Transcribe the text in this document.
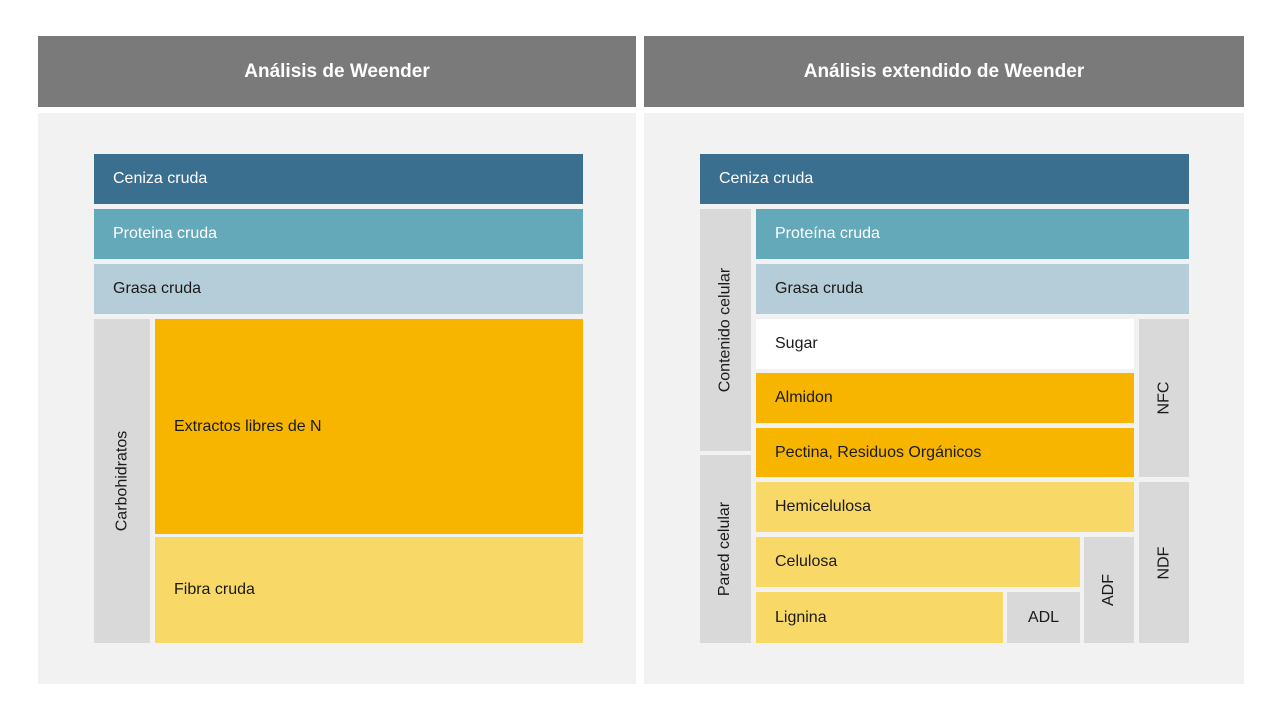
Análisis de Weender
Ceniza cruda
Proteina cruda
Grasa cruda
Carbohidratos
Extractos libres de N
Fibra cruda
Análisis extendido de Weender
Ceniza cruda
Contenido celular
Pared celular
Proteína cruda
Grasa cruda
Sugar
Almidon
Pectina, Residuos Orgánicos
Hemicelulosa
Celulosa
Lignina	ADL
ADF
NFC
NDF
